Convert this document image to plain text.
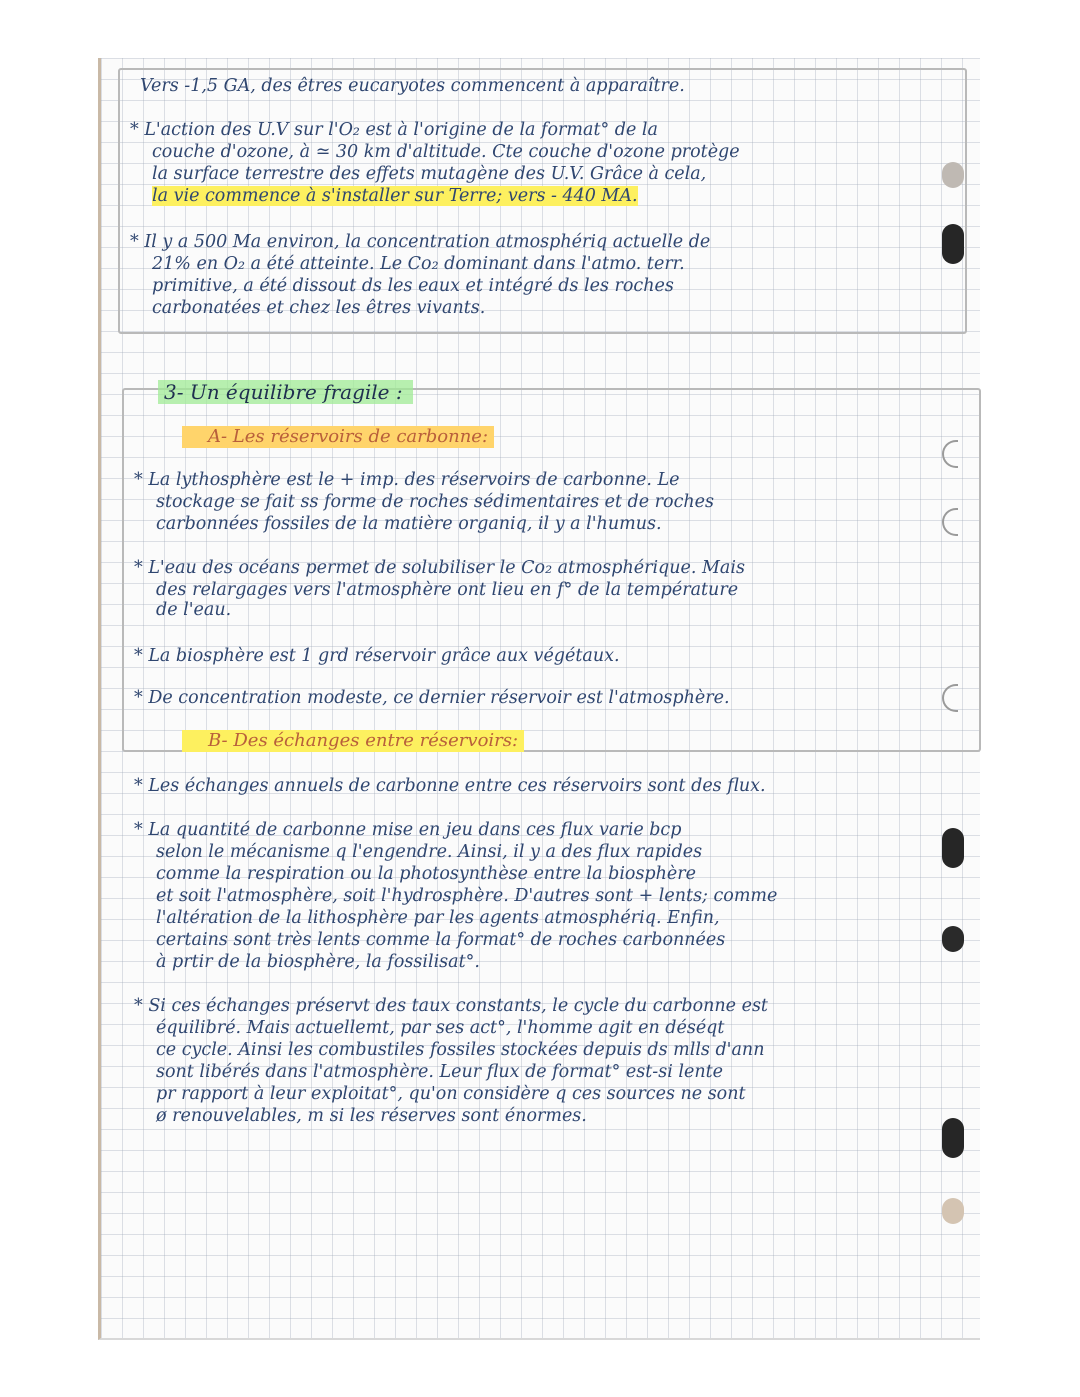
Vers -1,5 GA, des êtres eucaryotes commencent à apparaître.
* L'action des U.V sur l'O₂ est à l'origine de la format° de la
couche d'ozone, à ≃ 30 km d'altitude. Cte couche d'ozone protège
la surface terrestre des effets mutagène des U.V. Grâce à cela,
la vie commence à s'installer sur Terre; vers - 440 MA.
* Il y a 500 Ma environ, la concentration atmosphériq actuelle de
21% en O₂ a été atteinte. Le Co₂ dominant dans l'atmo. terr.
primitive, a été dissout ds les eaux et intégré ds les roches
carbonatées et chez les êtres vivants.
3- Un équilibre fragile :
A- Les réservoirs de carbonne:
* La lythosphère est le + imp. des réservoirs de carbonne. Le
stockage se fait ss forme de roches sédimentaires et de roches
carbonnées fossiles de la matière organiq, il y a l'humus.
* L'eau des océans permet de solubiliser le Co₂ atmosphérique. Mais
des relargages vers l'atmosphère ont lieu en f° de la température
de l'eau.
* La biosphère est 1 grd réservoir grâce aux végétaux.
* De concentration modeste, ce dernier réservoir est l'atmosphère.
B- Des échanges entre réservoirs:
* Les échanges annuels de carbonne entre ces réservoirs sont des flux.
* La quantité de carbonne mise en jeu dans ces flux varie bcp
selon le mécanisme q l'engendre. Ainsi, il y a des flux rapides
comme la respiration ou la photosynthèse entre la biosphère
et soit l'atmosphère, soit l'hydrosphère. D'autres sont + lents; comme
l'altération de la lithosphère par les agents atmosphériq. Enfin,
certains sont très lents comme la format° de roches carbonnées
à prtir de la biosphère, la fossilisat°.
* Si ces échanges préservt des taux constants, le cycle du carbonne est
équilibré. Mais actuellemt, par ses act°, l'homme agit en déséqt
ce cycle. Ainsi les combustiles fossiles stockées depuis ds mlls d'ann
sont libérés dans l'atmosphère. Leur flux de format° est-si lente
pr rapport à leur exploitat°, qu'on considère q ces sources ne sont
ø renouvelables, m si les réserves sont énormes.
